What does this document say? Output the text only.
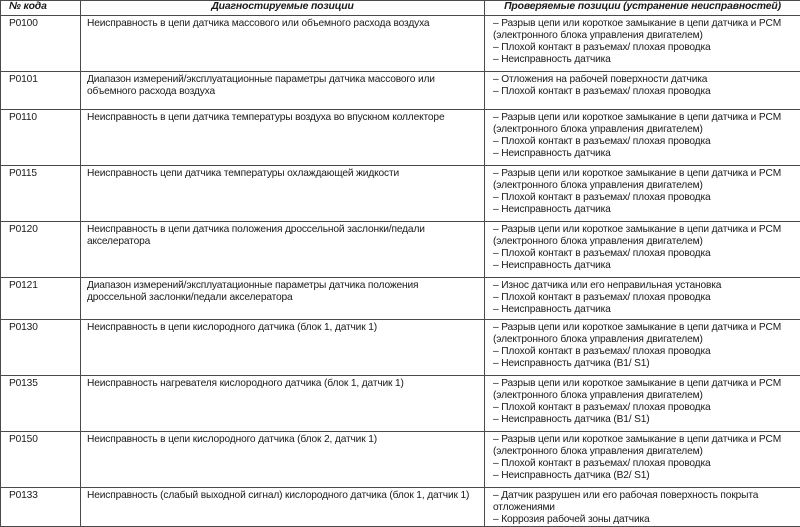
№ кода	Диагностируемые позиции	Проверяемые позиции (устранение неисправностей)
P0100	Неисправность в цепи датчика массового или объемного расхода воздуха	– Разрыв цепи или короткое замыкание в цепи датчика и PCM
(электронного блока управления двигателем)
– Плохой контакт в разъемах/ плохая проводка
– Неисправность датчика

P0101	Диапазон измерений/эксплуатационные параметры датчика массового или объемного расхода воздуха	– Отложения на рабочей поверхности датчика
– Плохой контакт в разъемах/ плохая проводка

P0110	Неисправность в цепи датчика температуры воздуха во впускном коллекторе	– Разрыв цепи или короткое замыкание в цепи датчика и PCM
(электронного блока управления двигателем)
– Плохой контакт в разъемах/ плохая проводка
– Неисправность датчика

P0115	Неисправность цепи датчика температуры охлаждающей жидкости	– Разрыв цепи или короткое замыкание в цепи датчика и PCM
(электронного блока управления двигателем)
– Плохой контакт в разъемах/ плохая проводка
– Неисправность датчика

P0120	Неисправность в цепи датчика положения дроссельной заслонки/педали акселератора	– Разрыв цепи или короткое замыкание в цепи датчика и PCM
(электронного блока управления двигателем)
– Плохой контакт в разъемах/ плохая проводка
– Неисправность датчика

P0121	Диапазон измерений/эксплуатационные параметры датчика положения дроссельной заслонки/педали акселератора	– Износ датчика или его неправильная установка
– Плохой контакт в разъемах/ плохая проводка
– Неисправность датчика

P0130	Неисправность в цепи кислородного датчика (блок 1, датчик 1)	– Разрыв цепи или короткое замыкание в цепи датчика и PCM
(электронного блока управления двигателем)
– Плохой контакт в разъемах/ плохая проводка
– Неисправность датчика (B1/ S1)

P0135	Неисправность нагревателя кислородного датчика (блок 1, датчик 1)	– Разрыв цепи или короткое замыкание в цепи датчика и PCM
(электронного блока управления двигателем)
– Плохой контакт в разъемах/ плохая проводка
– Неисправность датчика (B1/ S1)

P0150	Неисправность в цепи кислородного датчика (блок 2, датчик 1)	– Разрыв цепи или короткое замыкание в цепи датчика и PCM
(электронного блока управления двигателем)
– Плохой контакт в разъемах/ плохая проводка
– Неисправность датчика (B2/ S1)

P0133	Неисправность (слабый выходной сигнал) кислородного датчика (блок 1, датчик 1)	– Датчик разрушен или его рабочая поверхность покрыта
отложениями
– Коррозия рабочей зоны датчика
